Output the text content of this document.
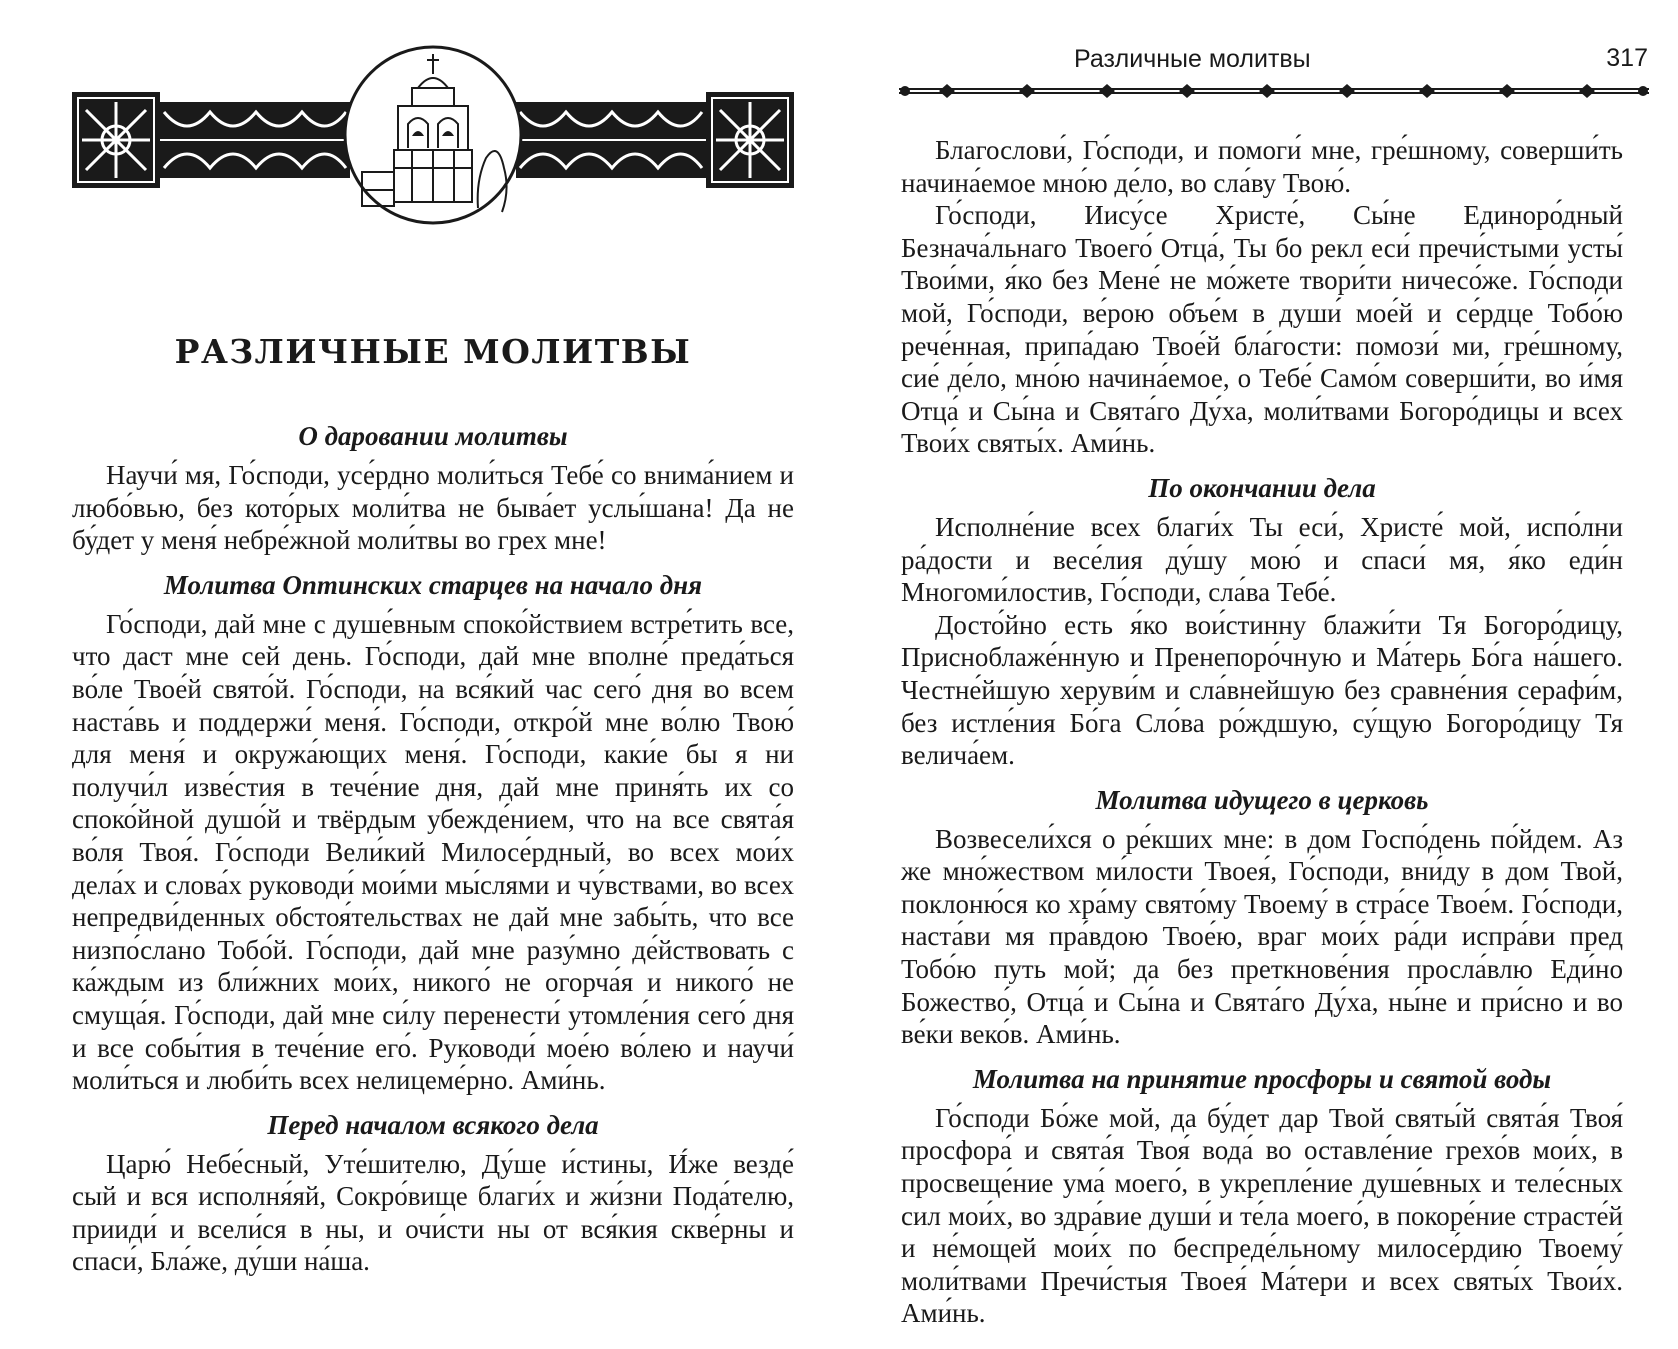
РАЗЛИЧНЫЕ МОЛИТВЫ
О даровании молитвы

Научи́ мя, Го́споди, усе́рдно моли́ться Тебе́ со внима́нием и любо́вью, без кото́рых моли́тва не быва́ет услы́шана! Да не бу́дет у меня́ небре́жной моли́твы во грех мне!

Молитва Оптинских старцев на начало дня

Го́споди, дай мне с душе́вным споко́йствием встре́тить все, что даст мне сей день. Го́споди, дай мне вполне́ преда́ться во́ле Твое́й свято́й. Го́споди, на вся́кий час сего́ дня во всем наста́вь и поддержи́ меня́. Го́споди, откро́й мне во́лю Твою́ для меня́ и окружа́ющих меня́. Го́споди, каки́е бы я ни получи́л изве́стия в тече́ние дня, дай мне приня́ть их со споко́йной душо́й и твёрдым убежде́нием, что на все свята́я во́ля Твоя́. Го́споди Вели́кий Милосе́рдный, во всех мои́х дела́х и слова́х руководи́ мои́ми мы́слями и чу́вствами, во всех непредви́денных обстоя́тельствах не дай мне забы́ть, что все низпо́слано Тобо́й. Го́споди, дай мне разу́мно де́йствовать с ка́ждым из бли́жних мои́х, никого́ не огорча́я и никого́ не смуща́я. Го́споди, дай мне си́лу перенести́ утомле́ния сего́ дня и все собы́тия в тече́ние его́. Руководи́ мое́ю во́лею и научи́ моли́ться и люби́ть всех нелицеме́рно. Ами́нь.

Перед началом всякого дела

Царю́ Небе́сный, Уте́шителю, Ду́ше и́стины, И́же везде́ сый и вся исполня́яй, Сокро́вище благи́х и жи́зни Пода́телю, прииди́ и всели́ся в ны, и очи́сти ны от вся́кия скве́рны и спаси́, Бла́же, ду́ши на́ша.

Различные молитвы	317

Благослови́, Го́споди, и помоги́ мне, гре́шному, соверши́ть начина́емое мно́ю де́ло, во сла́ву Твою́.

Го́споди, Иису́се Христе́, Сы́не Единоро́дный Безнача́льнаго Твоего́ Отца́, Ты бо рекл еси́ пречи́стыми усты́ Твои́ми, я́ко без Мене́ не мо́жете твори́ти ничесо́же. Го́споди мой, Го́споди, ве́рою объе́м в души́ мое́й и се́рдце Тобо́ю рече́нная, припа́даю Твое́й бла́гости: помози́ ми, гре́шному, сие́ де́ло, мно́ю начина́емое, о Тебе́ Само́м соверши́ти, во и́мя Отца́ и Сы́на и Свята́го Ду́ха, моли́твами Богоро́дицы и всех Твои́х святы́х. Ами́нь.

По окончании дела

Исполне́ние всех благи́х Ты еси́, Христе́ мой, испо́лни ра́дости и весе́лия ду́шу мою́ и спаси́ мя, я́ко еди́н Многоми́лостив, Го́споди, сла́ва Тебе́.

Досто́йно есть я́ко вои́стинну блажи́ти Тя Богоро́дицу, Присноблаже́нную и Пренепоро́чную и Ма́терь Бо́га на́шего. Честне́йшую херуви́м и сла́внейшую без сравне́ния серафи́м, без истле́ния Бо́га Сло́ва ро́ждшую, су́щую Богоро́дицу Тя велича́ем.

Молитва идущего в церковь

Возвесели́хся о ре́кших мне: в дом Госпо́день по́йдем. Аз же мно́жеством ми́лости Твоея́, Го́споди, вни́ду в дом Твой, поклоню́ся ко хра́му свято́му Твоему́ в стра́се Твое́м. Го́споди, наста́ви мя пра́вдою Твое́ю, враг мои́х ра́ди испра́ви пред Тобо́ю путь мой; да без преткнове́ния просла́влю Еди́но Божество́, Отца́ и Сы́на и Свята́го Ду́ха, ны́не и при́сно и во ве́ки веко́в. Ами́нь.

Молитва на принятие просфоры и святой воды

Го́споди Бо́же мой, да бу́дет дар Твой святы́й свята́я Твоя́ просфора́ и свята́я Твоя́ вода́ во оставле́ние грехо́в мои́х, в просвеще́ние ума́ моего́, в укрепле́ние душе́вных и теле́сных сил мои́х, во здра́вие души́ и те́ла моего́, в покоре́ние страсте́й и не́мощей мои́х по беспреде́льному милосе́рдию Твоему́ моли́твами Пречи́стыя Твоея́ Ма́тери и всех святы́х Твои́х. Ами́нь.
